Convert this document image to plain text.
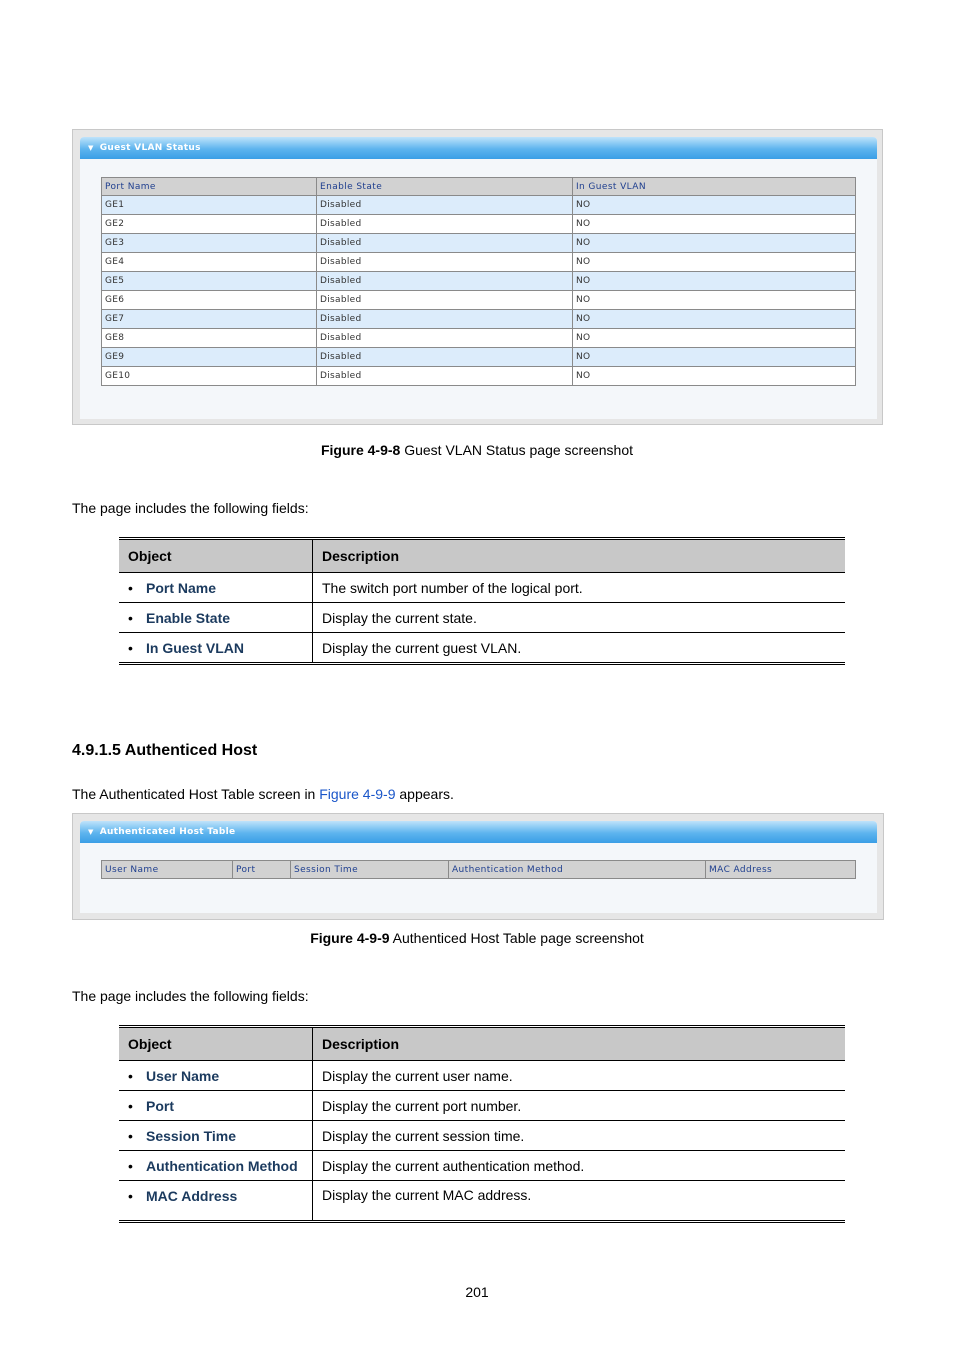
▼ Guest VLAN Status
Port Name	Enable State	In Guest VLAN
GE1	Disabled	NO
GE2	Disabled	NO
GE3	Disabled	NO
GE4	Disabled	NO
GE5	Disabled	NO
GE6	Disabled	NO
GE7	Disabled	NO
GE8	Disabled	NO
GE9	Disabled	NO
GE10	Disabled	NO
Figure 4-9-8 Guest VLAN Status page screenshot
The page includes the following fields:
Object	Description
• Port Name	The switch port number of the logical port.
• Enable State	Display the current state.
• In Guest VLAN	Display the current guest VLAN.
4.9.1.5 Authenticed Host
The Authenticated Host Table screen in Figure 4-9-9 appears.
▼ Authenticated Host Table
User Name	Port	Session Time	Authentication Method	MAC Address
Figure 4-9-9 Authenticed Host Table page screenshot
The page includes the following fields:
Object	Description
• User Name	Display the current user name.
• Port	Display the current port number.
• Session Time	Display the current session time.
• Authentication Method	Display the current authentication method.
• MAC Address	Display the current MAC address.
201
